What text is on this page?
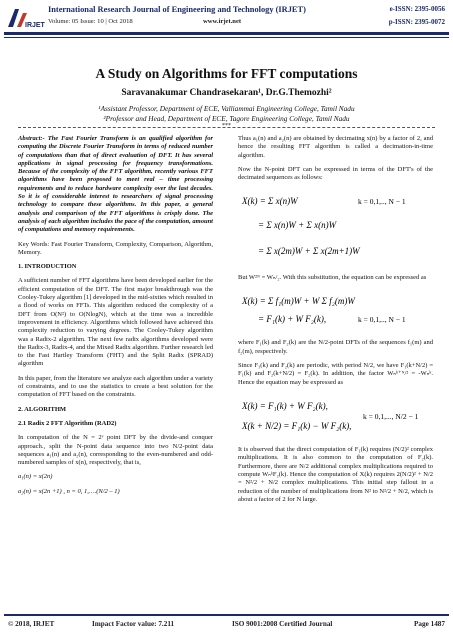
IRJET
International Research Journal of Engineering and Technology (IRJET)
Volume: 05 Issue: 10 | Oct 2018	www.irjet.net
e-ISSN: 2395-0056
p-ISSN: 2395-0072
A Study on Algorithms for FFT computations
Saravanakumar Chandrasekaran¹, Dr.G.Themozhi²
¹Assistant Professor, Department of ECE, Valliammai Engineering College, Tamil Nadu
²Professor and Head, Department of ECE, Tagore Engineering College, Tamil Nadu
***

Abstract:- The Fast Fourier Transform is an qualified algorithm for computing the Discrete Fourier Transform in terms of reduced number of computations than that of direct evaluation of DFT. It has several applications in signal processing for frequency transformations. Because of the complexity of the FFT algorithm, recently various FFT algorithms have been proposed to meet real – time processing requirements and to reduce hardware complexity over the last decades. So it is of considerable interest to researchers of signal processing technology to compare these algorithms. In this paper, a general analysis and comparison of the FFT algorithms is crisply done. The analysis of each algorithm includes the pace of the computation, amount of computations and memory requirements.

Key Words: Fast Fourier Transform, Complexity, Comparison, Algorithm, Memory.

1. INTRODUCTION

A sufficient number of FFT algorithms have been developed earlier for the efficient computation of the DFT. The first major breakthrough was the Cooley-Tukey algorithm [1] developed in the mid-sixties which resulted in a flood of works on FFTs. This algorithm reduced the complexity of a DFT from O(N²) to O(NlogN), which at the time was a incredible improvement in efficiency. Algorithms which followed have achieved this complexity reduction to varying degrees. The Cooley-Tukey algorithm was a Radix-2 algorithm. The next few radix algorithms developed were the Radix-3, Radix-4, and the Mixed Radix algorithm. Further research led to the Fast Hartley Transform (FHT) and the Split Radix (SPRAD) algorithm

In this paper, from the literature we analyze each algorithm under a variety of constraints, and to use the statistics to create a best solution for the computation of FFT based on the constraints.

2. ALGORITHM

2.1 Radix 2 FFT Algorithm (RAD2)

In computation of the N = 2ᵛ point DFT by the divide-and conquer approach., split the N-point data sequence into two N/2-point data sequences a₁(n) and a₂(n), corresponding to the even-numbered and odd-numbered samples of x(n), respectively, that is,

a₁(n) = x(2n)

a₂(n) = x(2n +1) , n = 0, 1,….(N/2 – 1)

Thus a₁(n) and a₂(n) are obtained by decimating x(n) by a factor of 2, and hence the resulting FFT algorithm is called a decimation-in-time algorithm.

Now the N-point DFT can be expressed in terms of the DFT's of the decimated sequences as follows:

X(k) = Σ x(n)W	k = 0,1,.., N − 1
= Σ x(n)W + Σ x(n)W
= Σ x(2m)W + Σ x(2m+1)W

But W²ᴺ = Wₙ/₂. With this substitution, the equation can be expressed as

X(k) = Σ f₁(m)W + W Σ f₂(m)W
= F₁(k) + W F₂(k),	k = 0,1,.., N − 1

where F₁(k) and F₂(k) are the N/2-point DFTs of the sequences f₁(m) and f₂(m), respectively.

Since F₁(k) and F₂(k) are periodic, with period N/2, we have F₁(k+N/2) = F₁(k) and F₂(k+N/2) = F₂(k). In addition, the factor Wₙᵏ⁺ᴺ/² = -Wₙᵏ. Hence the equation may be expressed as

X(k) = F₁(k) + W F₂(k),
X(k + N/2) = F₁(k) − W F₂(k),
k = 0,1,..., N/2 − 1

It is observed that the direct computation of F₁(k) requires (N/2)² complex multiplications. It is also common to the computation of F₂(k). Furthermore, there are N/2 additional complex multiplications required to compute WₙᵏF₂(k). Hence the computation of X(k) requires 2(N/2)² + N/2 = N²/2 + N/2 complex multiplications. This initial step fallout in a reduction of the number of multiplications from N² to N²/2 + N/2, which is about a factor of 2 for N large.

© 2018, IRJET	Impact Factor value: 7.211	ISO 9001:2008 Certified Journal	Page 1487
